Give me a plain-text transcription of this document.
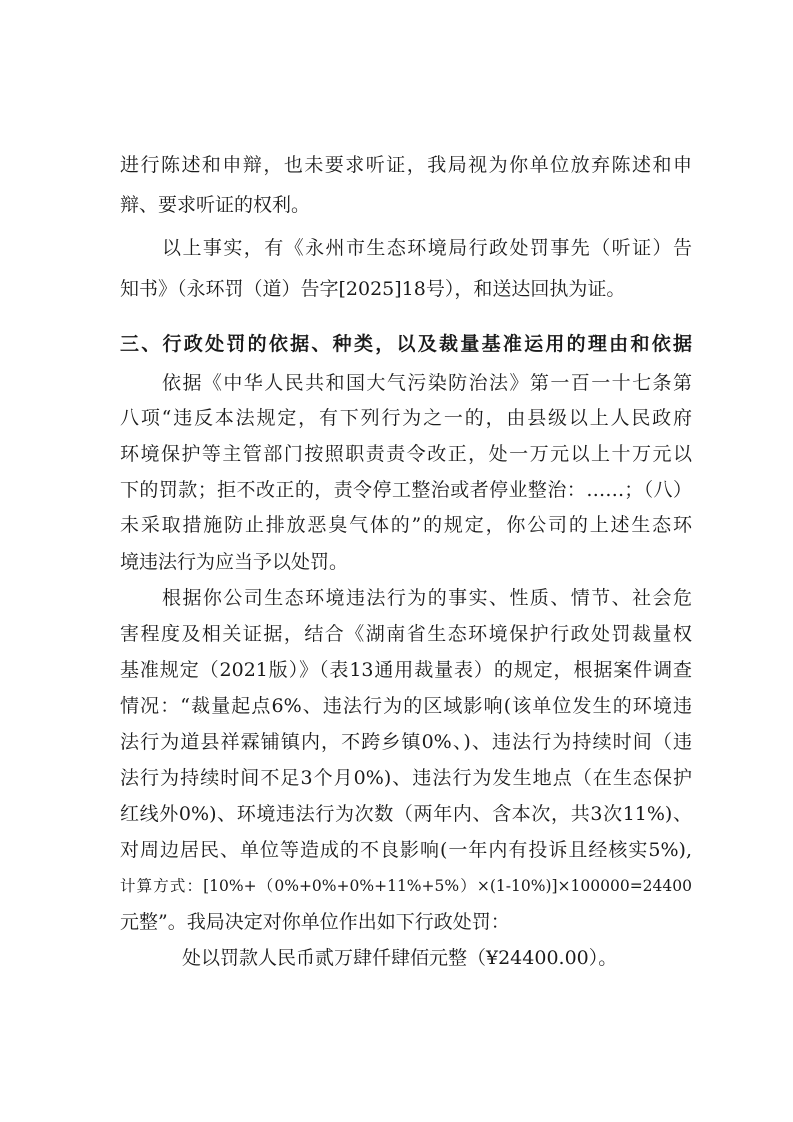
进行陈述和申辩，也未要求听证，我局视为你单位放弃陈述和申
辩、要求听证的权利。
以上事实，有《永州市生态环境局行政处罚事先（听证）告
知书》（永环罚（道）告字[2025]18号），和送达回执为证。
三、行政处罚的依据、种类，以及裁量基准运用的理由和依据
依据《中华人民共和国大气污染防治法》第一百一十七条第
八项“违反本法规定，有下列行为之一的，由县级以上人民政府
环境保护等主管部门按照职责责令改正，处一万元以上十万元以
下的罚款；拒不改正的，责令停工整治或者停业整治：……；（八）
未采取措施防止排放恶臭气体的”的规定，你公司的上述生态环
境违法行为应当予以处罚。
根据你公司生态环境违法行为的事实、性质、情节、社会危
害程度及相关证据，结合《湖南省生态环境保护行政处罚裁量权
基准规定（2021版）》（表13通用裁量表）的规定，根据案件调查
情况：“裁量起点6%、违法行为的区域影响(该单位发生的环境违
法行为道县祥霖铺镇内，不跨乡镇0%、)、违法行为持续时间（违
法行为持续时间不足3个月0%)、违法行为发生地点（在生态保护
红线外0%)、环境违法行为次数（两年内、含本次，共3次11%)、
对周边居民、单位等造成的不良影响(一年内有投诉且经核实5%),
计算方式：[10%+（0%+0%+0%+11%+5%）×(1-10%)]×100000=24400
元整”。我局决定对你单位作出如下行政处罚：
处以罚款人民币贰万肆仟肆佰元整（¥24400.00）。
